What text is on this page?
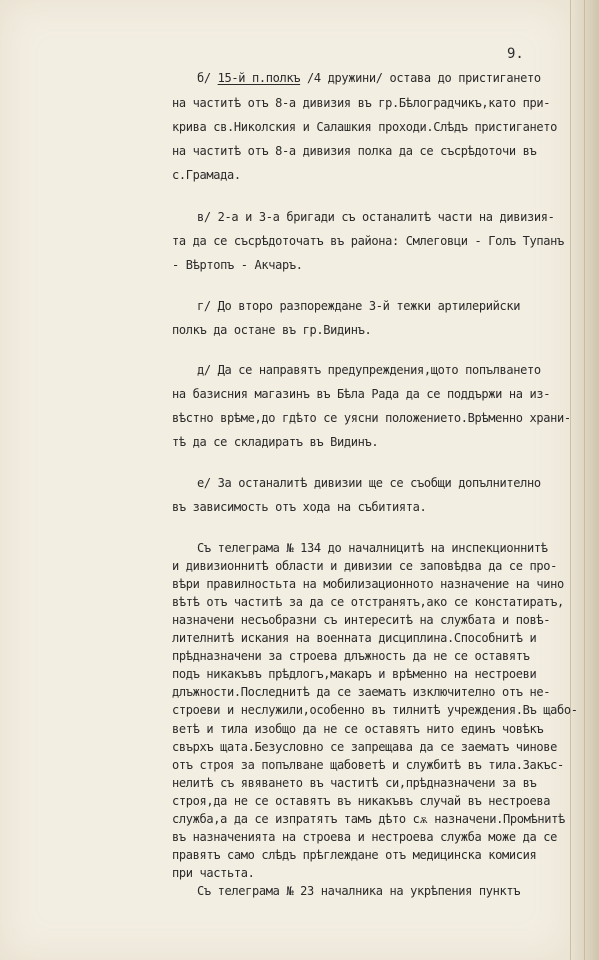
9.
б/ 15-й п.полкъ /4 дружини/ остава до пристигането
на частитѣ отъ 8-а дивизия въ гр.Бѣлоградчикъ,като при-
крива св.Николския и Салашкия проходи.Слѣдъ пристигането
на частитѣ отъ 8-а дивизия полка да се съсрѣдоточи въ
с.Грамада.
в/ 2-а и 3-а бригади съ останалитѣ части на дивизия-
та да се съсрѣдоточатъ въ района: Смлеговци - Голъ Тупанъ
- Вѣртопъ - Акчаръ.
г/ До второ разпореждане 3-й тежки артилерийски
полкъ да остане въ гр.Видинъ.
д/ Да се направятъ предупреждения,щото попълването
на базисния магазинъ въ Бѣла Рада да се поддържи на из-
вѣстно врѣме,до гдѣто се уясни положението.Врѣменно храни-
тѣ да се складиратъ въ Видинъ.
е/ За останалитѣ дивизии ще се съобщи допълнително
въ зависимость отъ хода на събитията.
Съ телеграма № 134 до началницитѣ на инспекционнитѣ
и дивизионнитѣ области и дивизии се заповѣдва да се про-
вѣри правилностьта на мобилизационното назначение на чино
вѣтѣ отъ частитѣ за да се отстранятъ,ако се констатиратъ,
назначени несъобразни съ интереситѣ на службата и повѣ-
лителнитѣ искания на военната дисциплина.Способнитѣ и
прѣдназначени за строева длъжность да не се оставятъ
подъ никакъвъ прѣдлогъ,макаръ и врѣменно на нестроеви
длъжности.Последнитѣ да се заематъ изключително отъ не-
строеви и неслужили,особенно въ тилнитѣ учреждения.Въ щабо-
ветѣ и тила изобщо да не се оставятъ нито единъ човѣкъ
свърхъ щата.Безусловно се запрещава да се заематъ чинове
отъ строя за попълване щабоветѣ и службитѣ въ тила.Закъс-
нелитѣ съ явяването въ частитѣ си,прѣдназначени за въ
строя,да не се оставятъ въ никакъвъ случай въ нестроева
служба,а да се изпратятъ тамъ дѣто сѫ назначени.Промѣнитѣ
въ назначенията на строева и нестроева служба може да се
правятъ само слѣдъ прѣглеждане отъ медицинска комисия
при частьта.
Съ телеграма № 23 началника на укрѣпения пунктъ
